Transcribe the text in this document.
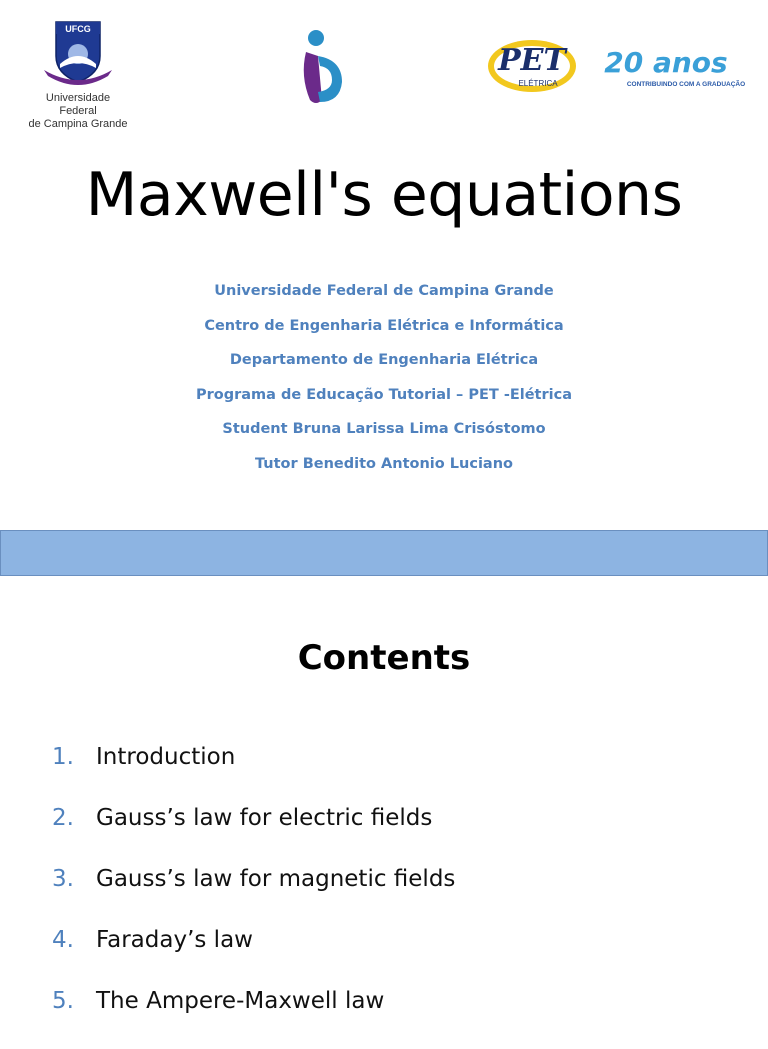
UFCG
Universidade Federal
de Campina Grande
PET
ELÉTRICA
20 anos
CONTRIBUINDO COM A GRADUAÇÃO
Maxwell's equations
Universidade Federal de Campina Grande
Centro de Engenharia Elétrica e Informática
Departamento de Engenharia Elétrica
Programa de Educação Tutorial – PET -Elétrica
Student Bruna Larissa Lima Crisóstomo
Tutor Benedito Antonio Luciano
Contents
1. Introduction
2. Gauss’s law for electric fields
3. Gauss’s law for magnetic fields
4. Faraday’s law
5. The Ampere-Maxwell law
